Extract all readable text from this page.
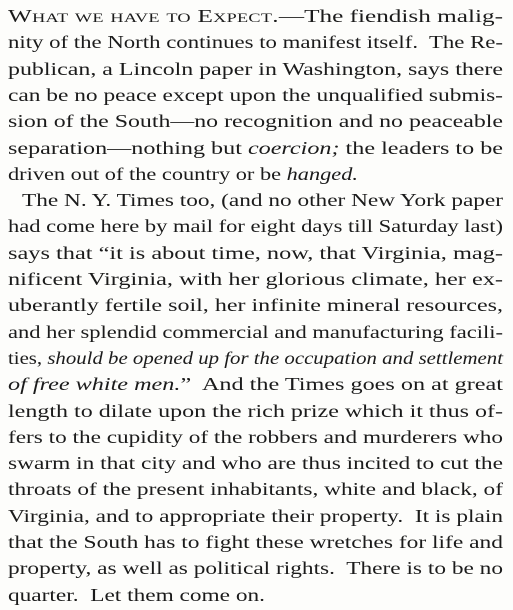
What we have to Expect.—The fiendish malig-
nity of the North continues to manifest itself.  The Re-
publican, a Lincoln paper in Washington, says there
can be no peace except upon the unqualified submis-
sion of the South—no recognition and no peaceable
separation—nothing but coercion; the leaders to be
driven out of the country or be hanged.
The N. Y. Times too, (and no other New York paper
had come here by mail for eight days till Saturday last)
says that “it is about time, now, that Virginia, mag-
nificent Virginia, with her glorious climate, her ex-
uberantly fertile soil, her infinite mineral resources,
and her splendid commercial and manufacturing facili-
ties, should be opened up for the occupation and settlement
of free white men.”  And the Times goes on at great
length to dilate upon the rich prize which it thus of-
fers to the cupidity of the robbers and murderers who
swarm in that city and who are thus incited to cut the
throats of the present inhabitants, white and black, of
Virginia, and to appropriate their property.  It is plain
that the South has to fight these wretches for life and
property, as well as political rights.  There is to be no
quarter.  Let them come on.
